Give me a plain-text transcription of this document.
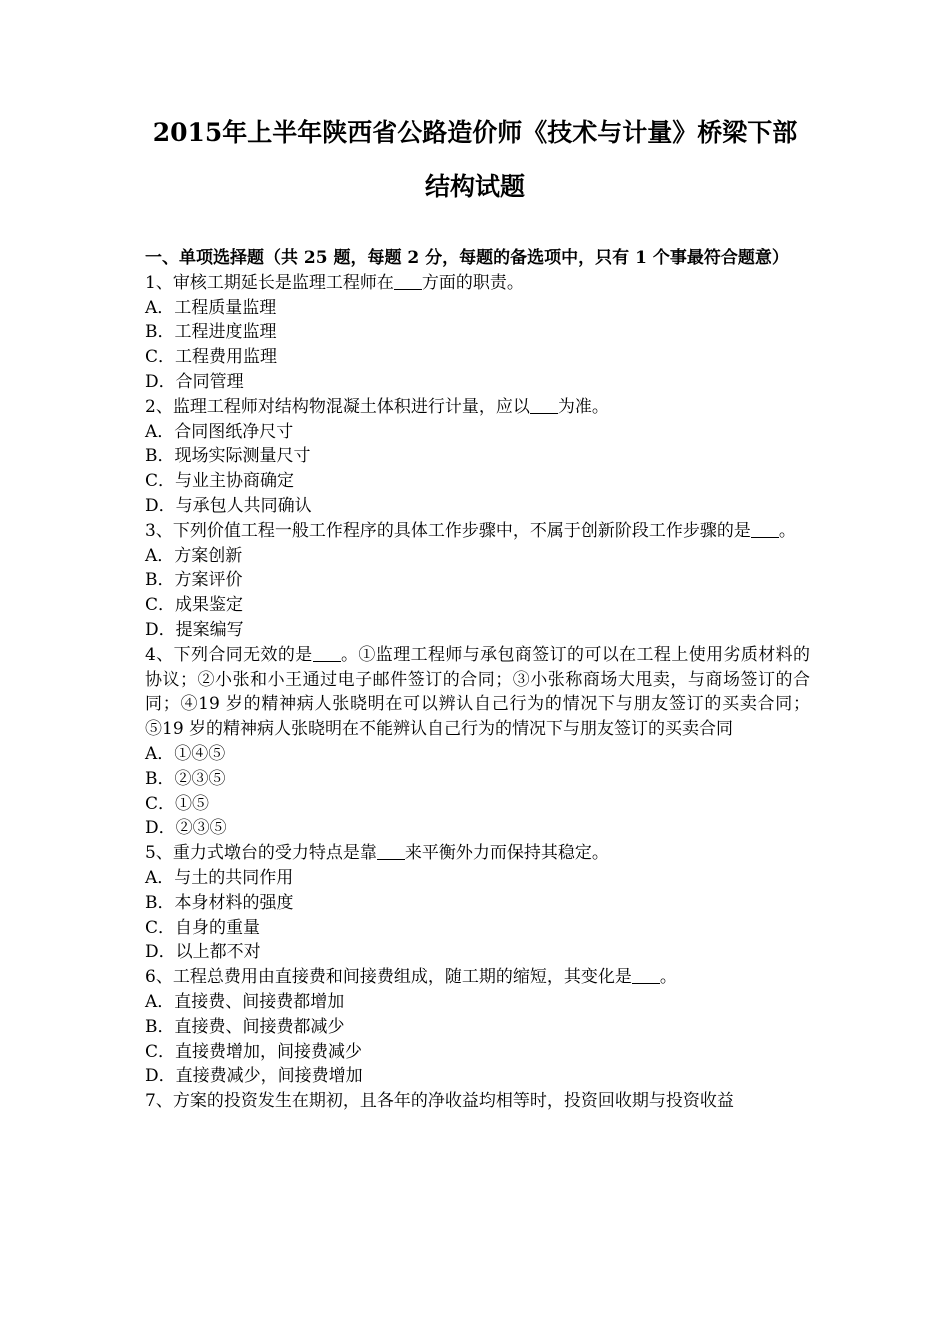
2015年上半年陕西省公路造价师《技术与计量》桥梁下部
结构试题

一、单项选择题（共 25 题，每题 2 分，每题的备选项中，只有 1 个事最符合题意）

1、审核工期延长是监理工程师在 方面的职责。

A．工程质量监理

B．工程进度监理

C．工程费用监理

D．合同管理

2、监理工程师对结构物混凝土体积进行计量，应以 为准。

A．合同图纸净尺寸

B．现场实际测量尺寸

C．与业主协商确定

D．与承包人共同确认

3、下列价值工程一般工作程序的具体工作步骤中，不属于创新阶段工作步骤的是 。

A．方案创新

B．方案评价

C．成果鉴定

D．提案编写

4、下列合同无效的是 。①监理工程师与承包商签订的可以在工程上使用劣质材料的协议；②小张和小王通过电子邮件签订的合同；③小张称商场大甩卖，与商场签订的合同；④19 岁的精神病人张晓明在可以辨认自己行为的情况下与朋友签订的买卖合同；⑤19 岁的精神病人张晓明在不能辨认自己行为的情况下与朋友签订的买卖合同

A．①④⑤

B．②③⑤

C．①⑤

D．②③⑤

5、重力式墩台的受力特点是靠 来平衡外力而保持其稳定。

A．与土的共同作用

B．本身材料的强度

C．自身的重量

D．以上都不对

6、工程总费用由直接费和间接费组成，随工期的缩短，其变化是 。

A．直接费、间接费都增加

B．直接费、间接费都减少

C．直接费增加，间接费减少

D．直接费减少，间接费增加

7、方案的投资发生在期初，且各年的净收益均相等时，投资回收期与投资收益
